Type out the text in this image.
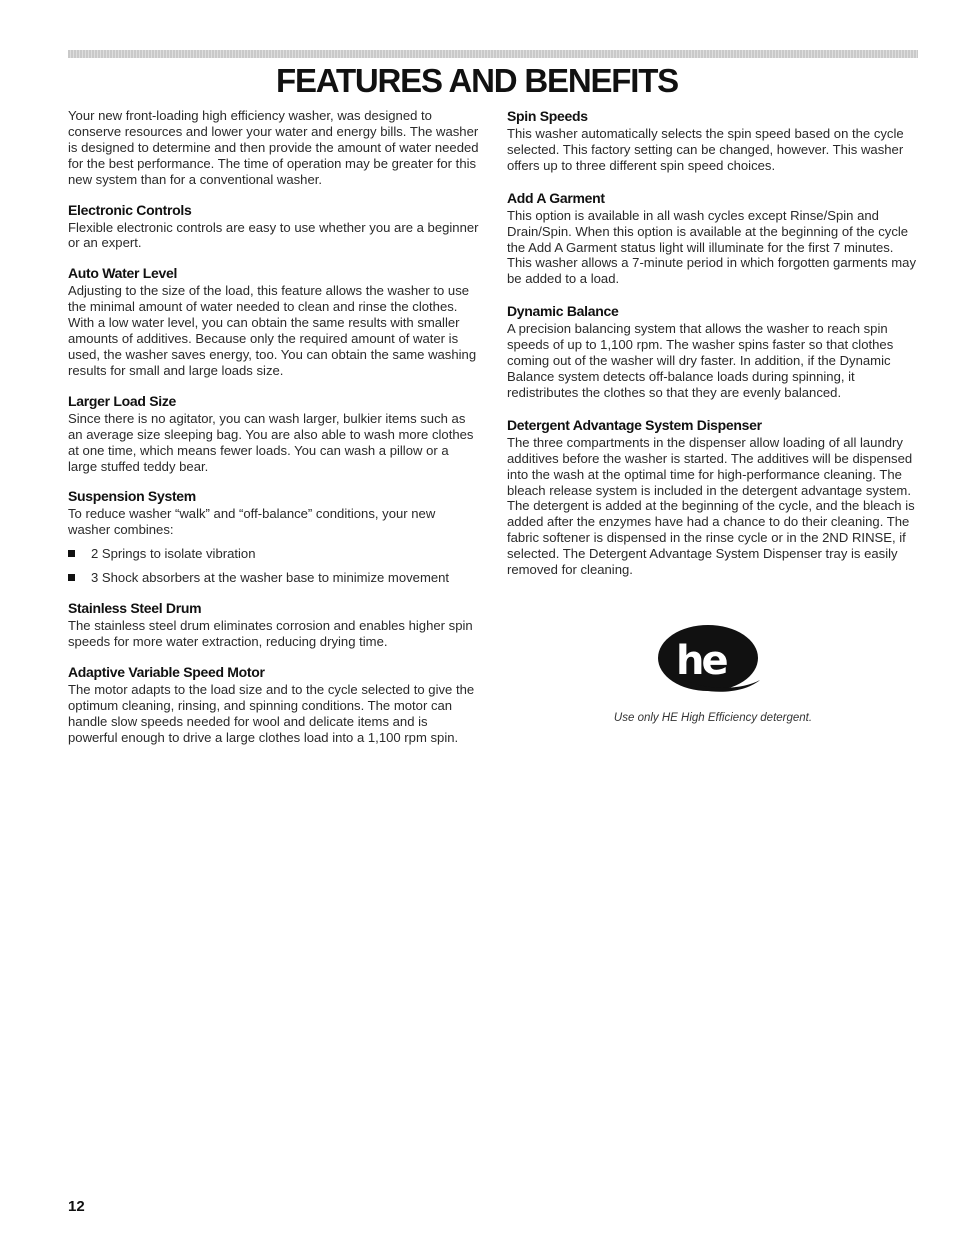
FEATURES AND BENEFITS

Your new front-loading high efficiency washer, was designed to conserve resources and lower your water and energy bills. The washer is designed to determine and then provide the amount of water needed for the best performance. The time of operation may be greater for this new system than for a conventional washer.

Electronic Controls

Flexible electronic controls are easy to use whether you are a beginner or an expert.

Auto Water Level

Adjusting to the size of the load, this feature allows the washer to use the minimal amount of water needed to clean and rinse the clothes. With a low water level, you can obtain the same results with smaller amounts of additives. Because only the required amount of water is used, the washer saves energy, too. You can obtain the same washing results for small and large loads size.

Larger Load Size

Since there is no agitator, you can wash larger, bulkier items such as an average size sleeping bag. You are also able to wash more clothes at one time, which means fewer loads. You can wash a pillow or a large stuffed teddy bear.

Suspension System

To reduce washer “walk” and “off-balance” conditions, your new washer combines:

2 Springs to isolate vibration
3 Shock absorbers at the washer base to minimize movement
Stainless Steel Drum

The stainless steel drum eliminates corrosion and enables higher spin speeds for more water extraction, reducing drying time.

Adaptive Variable Speed Motor

The motor adapts to the load size and to the cycle selected to give the optimum cleaning, rinsing, and spinning conditions. The motor can handle slow speeds needed for wool and delicate items and is powerful enough to drive a large clothes load into a 1,100 rpm spin.

Spin Speeds

This washer automatically selects the spin speed based on the cycle selected. This factory setting can be changed, however. This washer offers up to three different spin speed choices.

Add A Garment

This option is available in all wash cycles except Rinse/Spin and Drain/Spin. When this option is available at the beginning of the cycle the Add A Garment status light will illuminate for the first 7 minutes. This washer allows a 7-minute period in which forgotten garments may be added to a load.

Dynamic Balance

A precision balancing system that allows the washer to reach spin speeds of up to 1,100 rpm. The washer spins faster so that clothes coming out of the washer will dry faster. In addition, if the Dynamic Balance system detects off-balance loads during spinning, it redistributes the clothes so that they are evenly balanced.

Detergent Advantage System Dispenser

The three compartments in the dispenser allow loading of all laundry additives before the washer is started. The additives will be dispensed into the wash at the optimal time for high-performance cleaning. The bleach release system is included in the detergent advantage system. The detergent is added at the beginning of the cycle, and the bleach is added after the enzymes have had a chance to do their cleaning. The fabric softener is dispensed in the rinse cycle or in the 2ND RINSE, if selected. The Detergent Advantage System Dispenser tray is easily removed for cleaning.

he
Use only HE High Efficiency detergent.
12
